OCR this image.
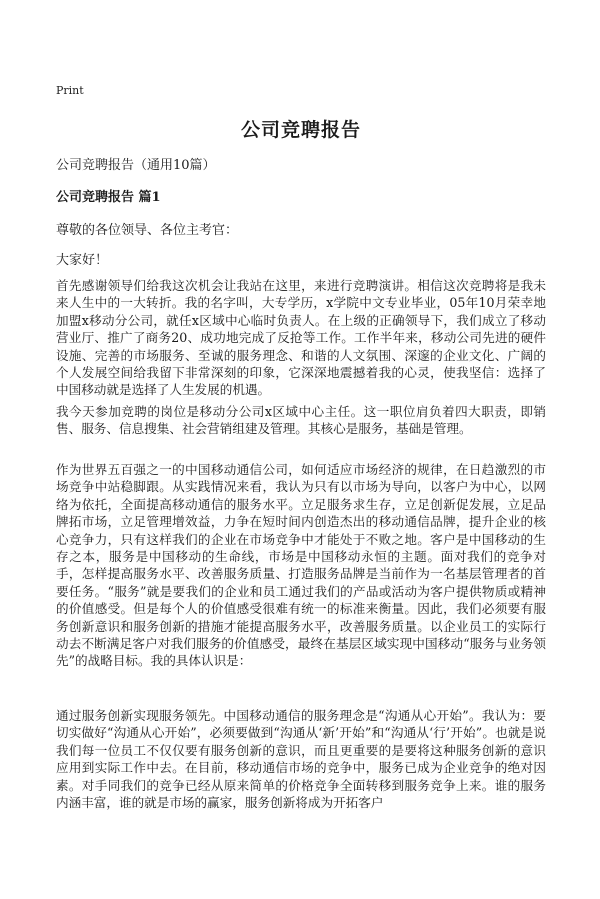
Print
公司竞聘报告

公司竞聘报告（通用10篇）

公司竞聘报告 篇1

尊敬的各位领导、各位主考官：

大家好！

首先感谢领导们给我这次机会让我站在这里，来进行竞聘演讲。相信这次竞聘将是我未来人生中的一大转折。我的名字叫，大专学历，x学院中文专业毕业，05年10月荣幸地加盟x移动分公司，就任x区域中心临时负责人。在上级的正确领导下，我们成立了移动营业厅、推广了商务20、成功地完成了反抢等工作。工作半年来，移动公司先进的硬件设施、完善的市场服务、至诚的服务理念、和谐的人文氛围、深邃的企业文化、广阔的个人发展空间给我留下非常深刻的印象，它深深地震撼着我的心灵，使我坚信：选择了中国移动就是选择了人生发展的机遇。

我今天参加竞聘的岗位是移动分公司x区域中心主任。这一职位肩负着四大职责，即销售、服务、信息搜集、社会营销组建及管理。其核心是服务，基础是管理。

作为世界五百强之一的中国移动通信公司，如何适应市场经济的规律，在日趋激烈的市场竞争中站稳脚跟。从实践情况来看，我认为只有以市场为导向，以客户为中心，以网络为依托，全面提高移动通信的服务水平。立足服务求生存，立足创新促发展，立足品牌拓市场，立足管理增效益，力争在短时间内创造杰出的移动通信品牌，提升企业的核心竞争力，只有这样我们的企业在市场竞争中才能处于不败之地。客户是中国移动的生存之本，服务是中国移动的生命线，市场是中国移动永恒的主题。面对我们的竞争对手，怎样提高服务水平、改善服务质量、打造服务品牌是当前作为一名基层管理者的首要任务。“服务”就是要我们的企业和员工通过我们的产品或活动为客户提供物质或精神的价值感受。但是每个人的价值感受很难有统一的标准来衡量。因此，我们必须要有服务创新意识和服务创新的措施才能提高服务水平，改善服务质量。以企业员工的实际行动去不断满足客户对我们服务的价值感受，最终在基层区域实现中国移动“服务与业务领先”的战略目标。我的具体认识是：

通过服务创新实现服务领先。中国移动通信的服务理念是“沟通从心开始”。我认为：要切实做好“沟通从心开始”，必须要做到“沟通从‘新’开始”和“沟通从‘行’开始”。也就是说我们每一位员工不仅仅要有服务创新的意识，而且更重要的是要将这种服务创新的意识应用到实际工作中去。在目前，移动通信市场的竞争中，服务已成为企业竞争的绝对因素。对手同我们的竞争已经从原来简单的价格竞争全面转移到服务竞争上来。谁的服务内涵丰富，谁的就是市场的赢家，服务创新将成为开拓客户
